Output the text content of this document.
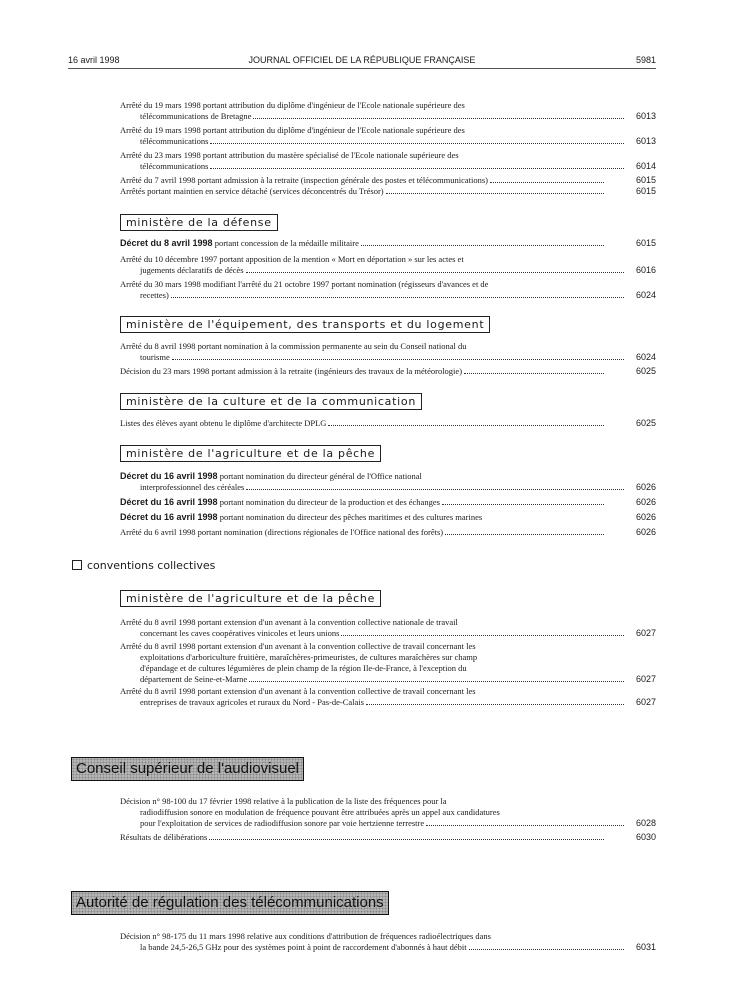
16 avril 1998	JOURNAL OFFICIEL DE LA RÉPUBLIQUE FRANÇAISE	5981
Arrêté du 19 mars 1998 portant attribution du diplôme d'ingénieur de l'Ecole nationale supérieure des
télécommunications de Bretagne	6013
Arrêté du 19 mars 1998 portant attribution du diplôme d'ingénieur de l'Ecole nationale supérieure des
télécommunications	6013
Arrêté du 23 mars 1998 portant attribution du mastère spécialisé de l'Ecole nationale supérieure des
télécommunications	6014
Arrêté du 7 avril 1998 portant admission à la retraite (inspection générale des postes et télécommunications)	6015
Arrêtés portant maintien en service détaché (services déconcentrés du Trésor)	6015
ministère de la défense
Décret du 8 avril 1998 portant concession de la médaille militaire	6015
Arrêté du 10 décembre 1997 portant apposition de la mention « Mort en déportation » sur les actes et
jugements déclaratifs de décès	6016
Arrêté du 30 mars 1998 modifiant l'arrêté du 21 octobre 1997 portant nomination (régisseurs d'avances et de
recettes)	6024
ministère de l'équipement, des transports et du logement
Arrêté du 8 avril 1998 portant nomination à la commission permanente au sein du Conseil national du
tourisme	6024
Décision du 23 mars 1998 portant admission à la retraite (ingénieurs des travaux de la météorologie)	6025
ministère de la culture et de la communication
Listes des élèves ayant obtenu le diplôme d'architecte DPLG	6025
ministère de l'agriculture et de la pêche
Décret du 16 avril 1998 portant nomination du directeur général de l'Office national
interprofessionnel des céréales	6026
Décret du 16 avril 1998 portant nomination du directeur de la production et des échanges	6026
Décret du 16 avril 1998 portant nomination du directeur des pêches maritimes et des cultures marines	6026
Arrêté du 6 avril 1998 portant nomination (directions régionales de l'Office national des forêts)	6026
conventions collectives
ministère de l'agriculture et de la pêche
Arrêté du 8 avril 1998 portant extension d'un avenant à la convention collective nationale de travail
concernant les caves coopératives vinicoles et leurs unions	6027
Arrêté du 8 avril 1998 portant extension d'un avenant à la convention collective de travail concernant les
exploitations d'arboriculture fruitière, maraîchères-primeuristes, de cultures maraîchères sur champ
d'épandage et de cultures légumières de plein champ de la région Ile-de-France, à l'exception du
département de Seine-et-Marne	6027
Arrêté du 8 avril 1998 portant extension d'un avenant à la convention collective de travail concernant les
entreprises de travaux agricoles et ruraux du Nord - Pas-de-Calais	6027
Conseil supérieur de l'audiovisuel
Décision n° 98-100 du 17 février 1998 relative à la publication de la liste des fréquences pour la
radiodiffusion sonore en modulation de fréquence pouvant être attribuées après un appel aux candidatures
pour l'exploitation de services de radiodiffusion sonore par voie hertzienne terrestre	6028
Résultats de délibérations	6030
Autorité de régulation des télécommunications
Décision n° 98-175 du 11 mars 1998 relative aux conditions d'attribution de fréquences radioélectriques dans
la bande 24,5-26,5 GHz pour des systèmes point à point de raccordement d'abonnés à haut débit	6031
